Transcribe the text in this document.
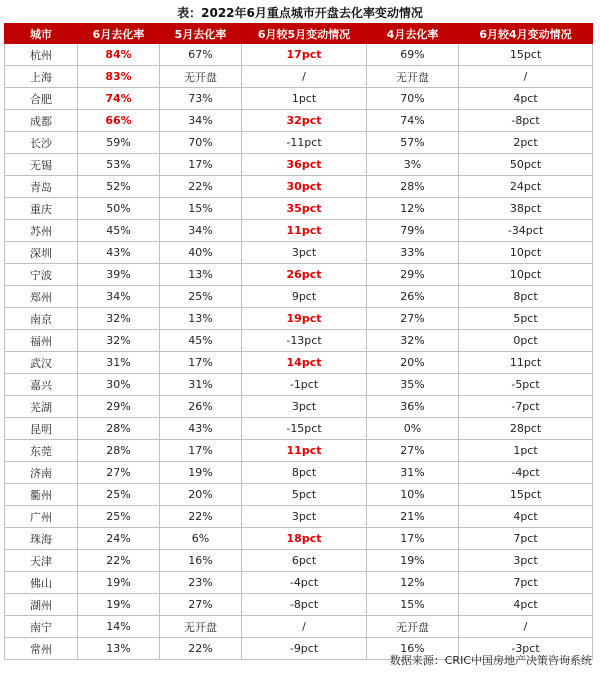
表：2022年6月重点城市开盘去化率变动情况
城市	6月去化率	5月去化率	6月较5月变动情况	4月去化率	6月较4月变动情况
杭州	84%	67%	17pct	69%	15pct
上海	83%	无开盘	/	无开盘	/
合肥	74%	73%	1pct	70%	4pct
成都	66%	34%	32pct	74%	-8pct
长沙	59%	70%	-11pct	57%	2pct
无锡	53%	17%	36pct	3%	50pct
青岛	52%	22%	30pct	28%	24pct
重庆	50%	15%	35pct	12%	38pct
苏州	45%	34%	11pct	79%	-34pct
深圳	43%	40%	3pct	33%	10pct
宁波	39%	13%	26pct	29%	10pct
郑州	34%	25%	9pct	26%	8pct
南京	32%	13%	19pct	27%	5pct
福州	32%	45%	-13pct	32%	0pct
武汉	31%	17%	14pct	20%	11pct
嘉兴	30%	31%	-1pct	35%	-5pct
芜湖	29%	26%	3pct	36%	-7pct
昆明	28%	43%	-15pct	0%	28pct
东莞	28%	17%	11pct	27%	1pct
济南	27%	19%	8pct	31%	-4pct
衢州	25%	20%	5pct	10%	15pct
广州	25%	22%	3pct	21%	4pct
珠海	24%	6%	18pct	17%	7pct
天津	22%	16%	6pct	19%	3pct
佛山	19%	23%	-4pct	12%	7pct
湖州	19%	27%	-8pct	15%	4pct
南宁	14%	无开盘	/	无开盘	/
常州	13%	22%	-9pct	16%	-3pct
数据来源：CRIC中国房地产决策咨询系统
